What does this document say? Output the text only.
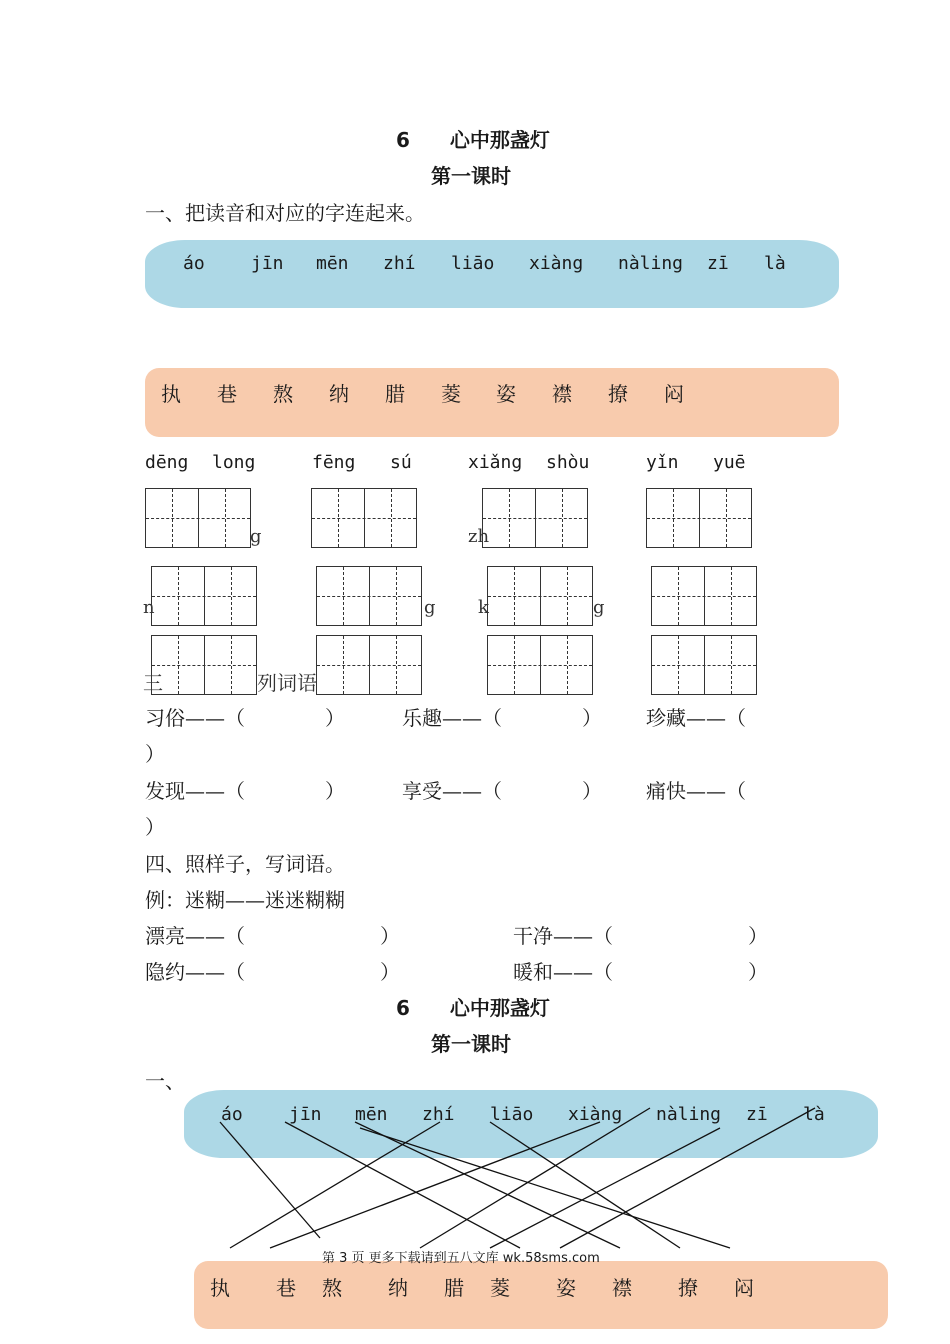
6　　心中那盏灯
第一课时
一、把读音和对应的字连起来。
áo	jīn mēn zhí liāo xiàng nàling zī là
执 巷 熬 纳 腊 菱 姿 襟 撩 闷
dēng long	fēng sú	xiǎng shòu	yǐn yuē
g	zh
n	g k	g
三	列词语
习俗——（	）	乐趣——（	） 珍藏——（
）
发现——（	）	享受——（	） 痛快——（
）
四、照样子，写词语。
例：迷糊——迷迷糊糊
漂亮——（	）	干净——（	）
隐约——（	）	暖和——（	）
6　　心中那盏灯
第一课时
一、
áo	jīn mēn zhí liāo xiàng nàling zī là
执 巷 熬 纳 腊 菱 姿 襟 撩 闷
第 3 页 更多下载请到五八文库 wk.58sms.com
